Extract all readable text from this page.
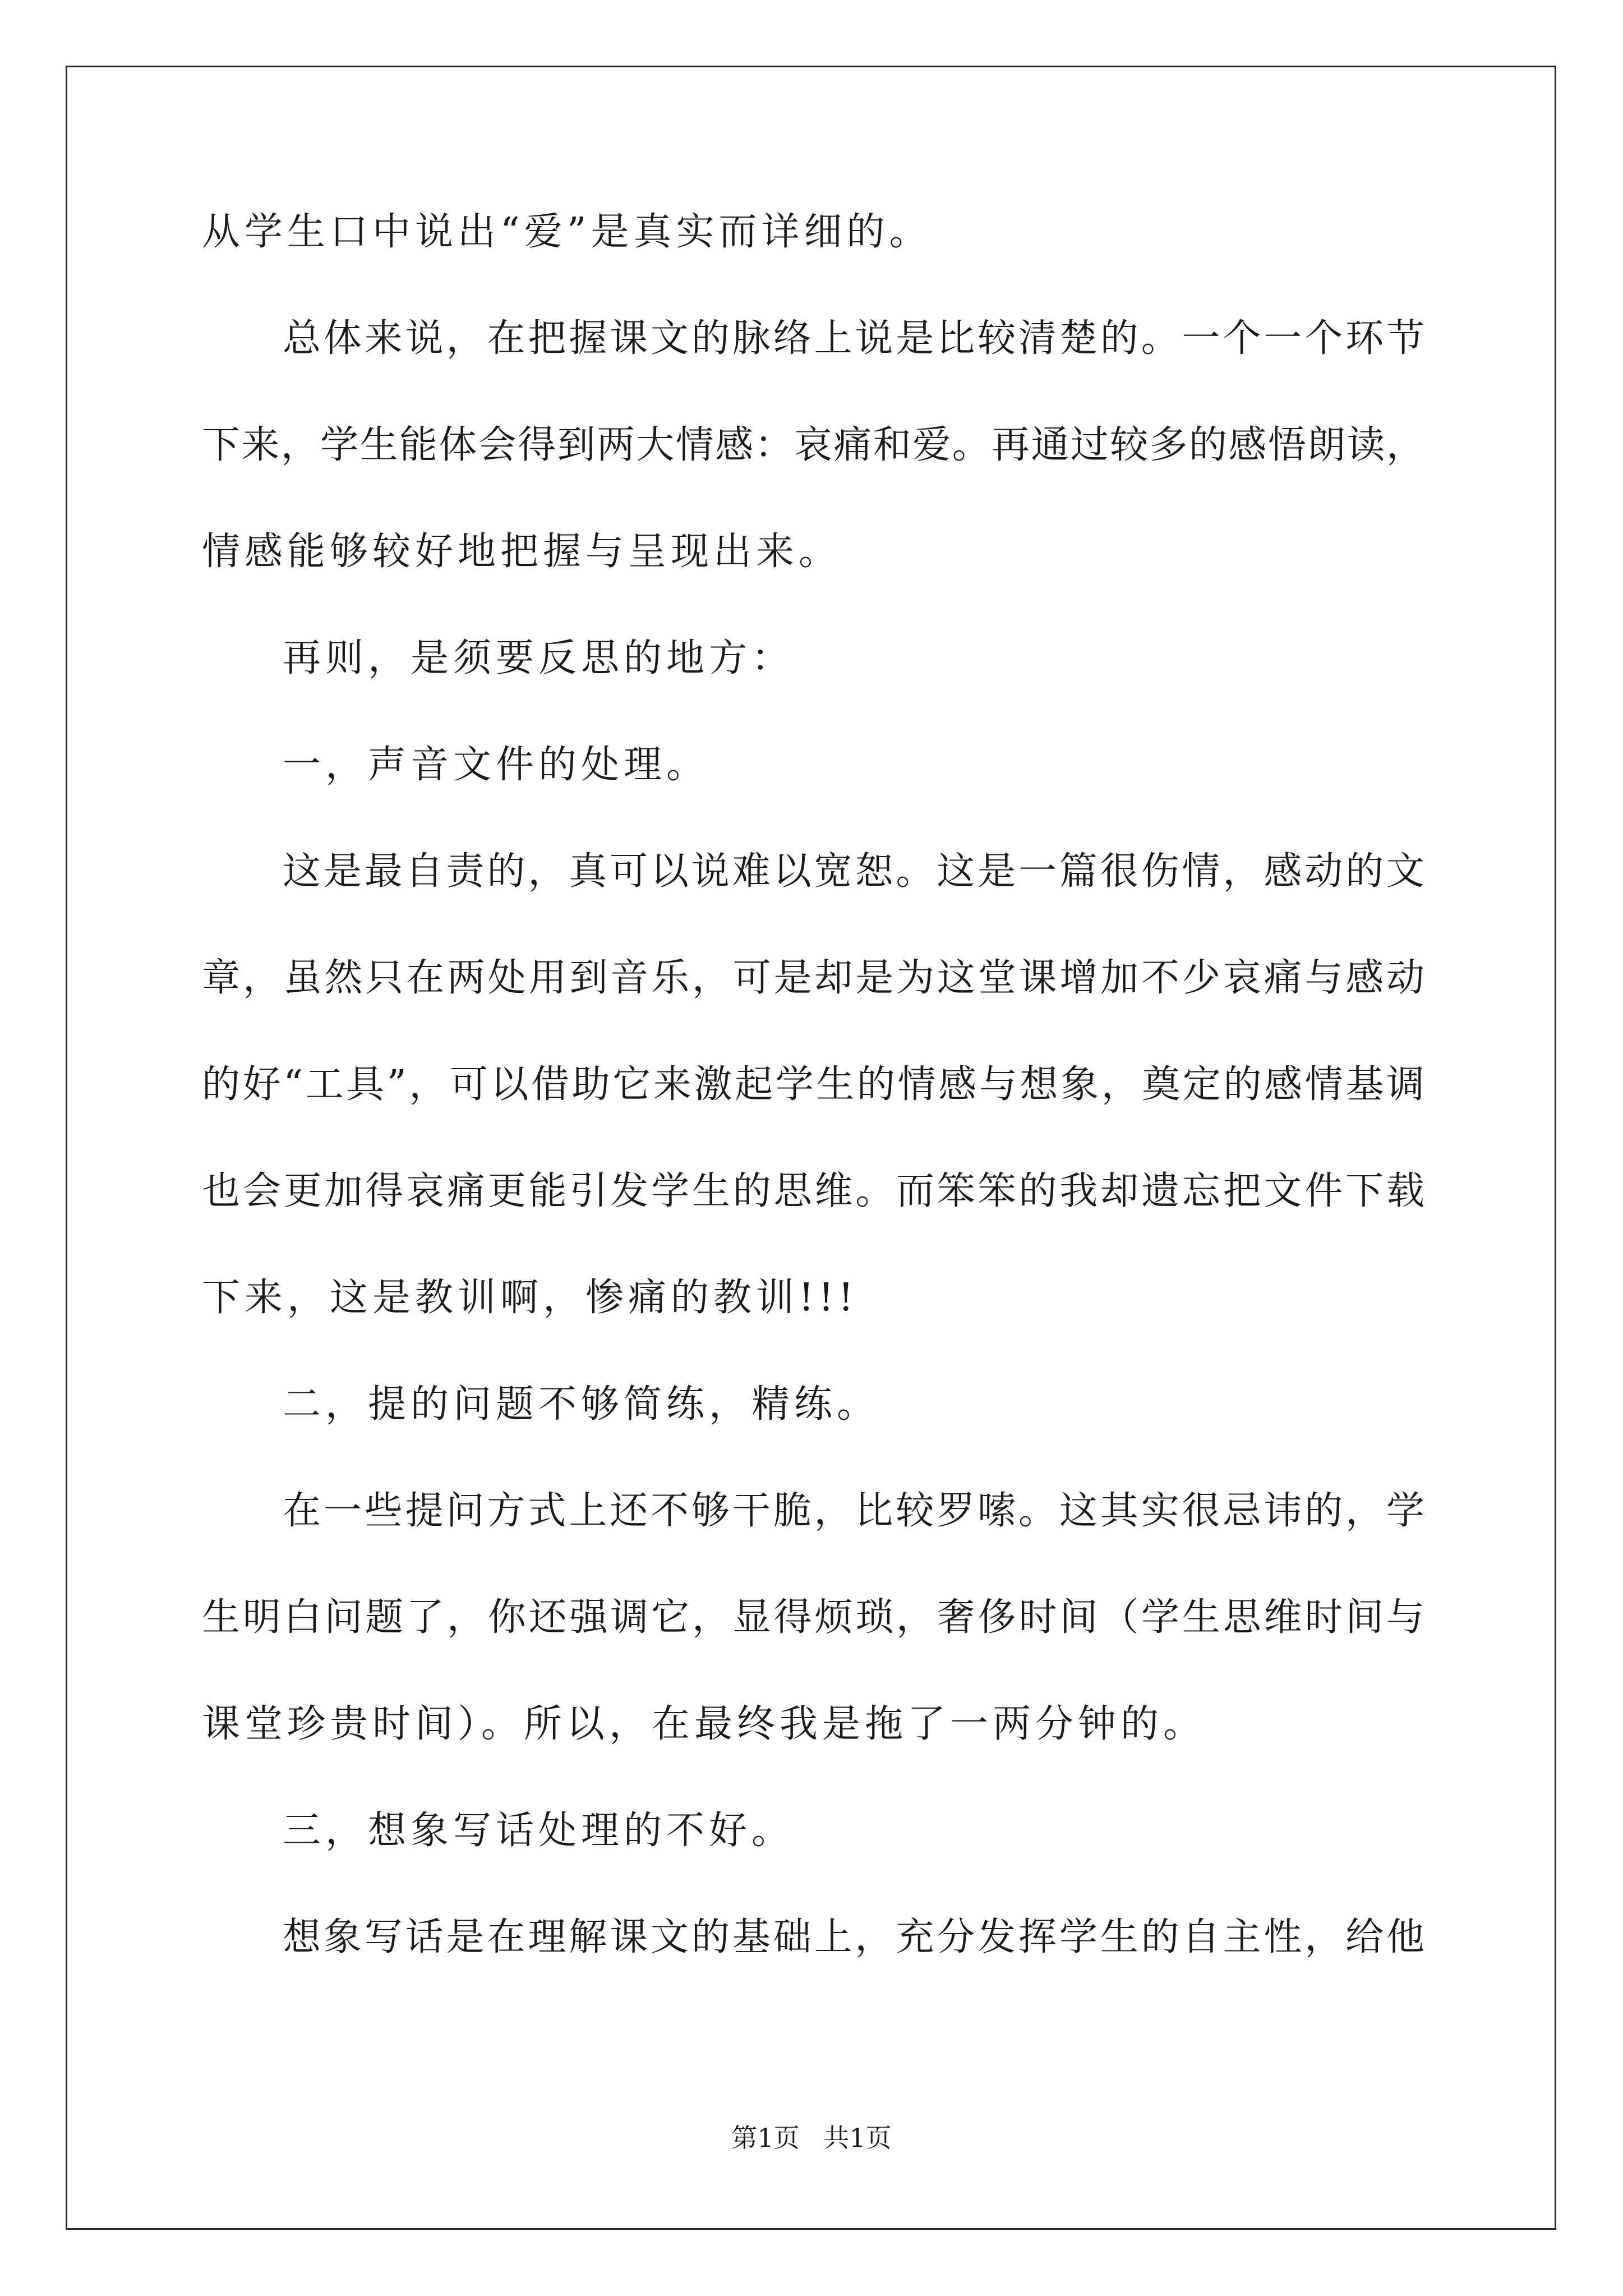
从学生口中说出“爱”是真实而详细的。
总体来说，在把握课文的脉络上说是比较清楚的。一个一个环节
下来，学生能体会得到两大情感：哀痛和爱。再通过较多的感悟朗读，
情感能够较好地把握与呈现出来。
再则，是须要反思的地方：
一，声音文件的处理。
这是最自责的，真可以说难以宽恕。这是一篇很伤情，感动的文
章，虽然只在两处用到音乐，可是却是为这堂课增加不少哀痛与感动
的好“工具”，可以借助它来激起学生的情感与想象，奠定的感情基调
也会更加得哀痛更能引发学生的思维。而笨笨的我却遗忘把文件下载
下来，这是教训啊，惨痛的教训!!!
二，提的问题不够简练，精练。
在一些提问方式上还不够干脆，比较罗嗦。这其实很忌讳的，学
生明白问题了，你还强调它，显得烦琐，奢侈时间（学生思维时间与
课堂珍贵时间）。所以，在最终我是拖了一两分钟的。
三，想象写话处理的不好。
想象写话是在理解课文的基础上，充分发挥学生的自主性，给他
第1页 共1页
